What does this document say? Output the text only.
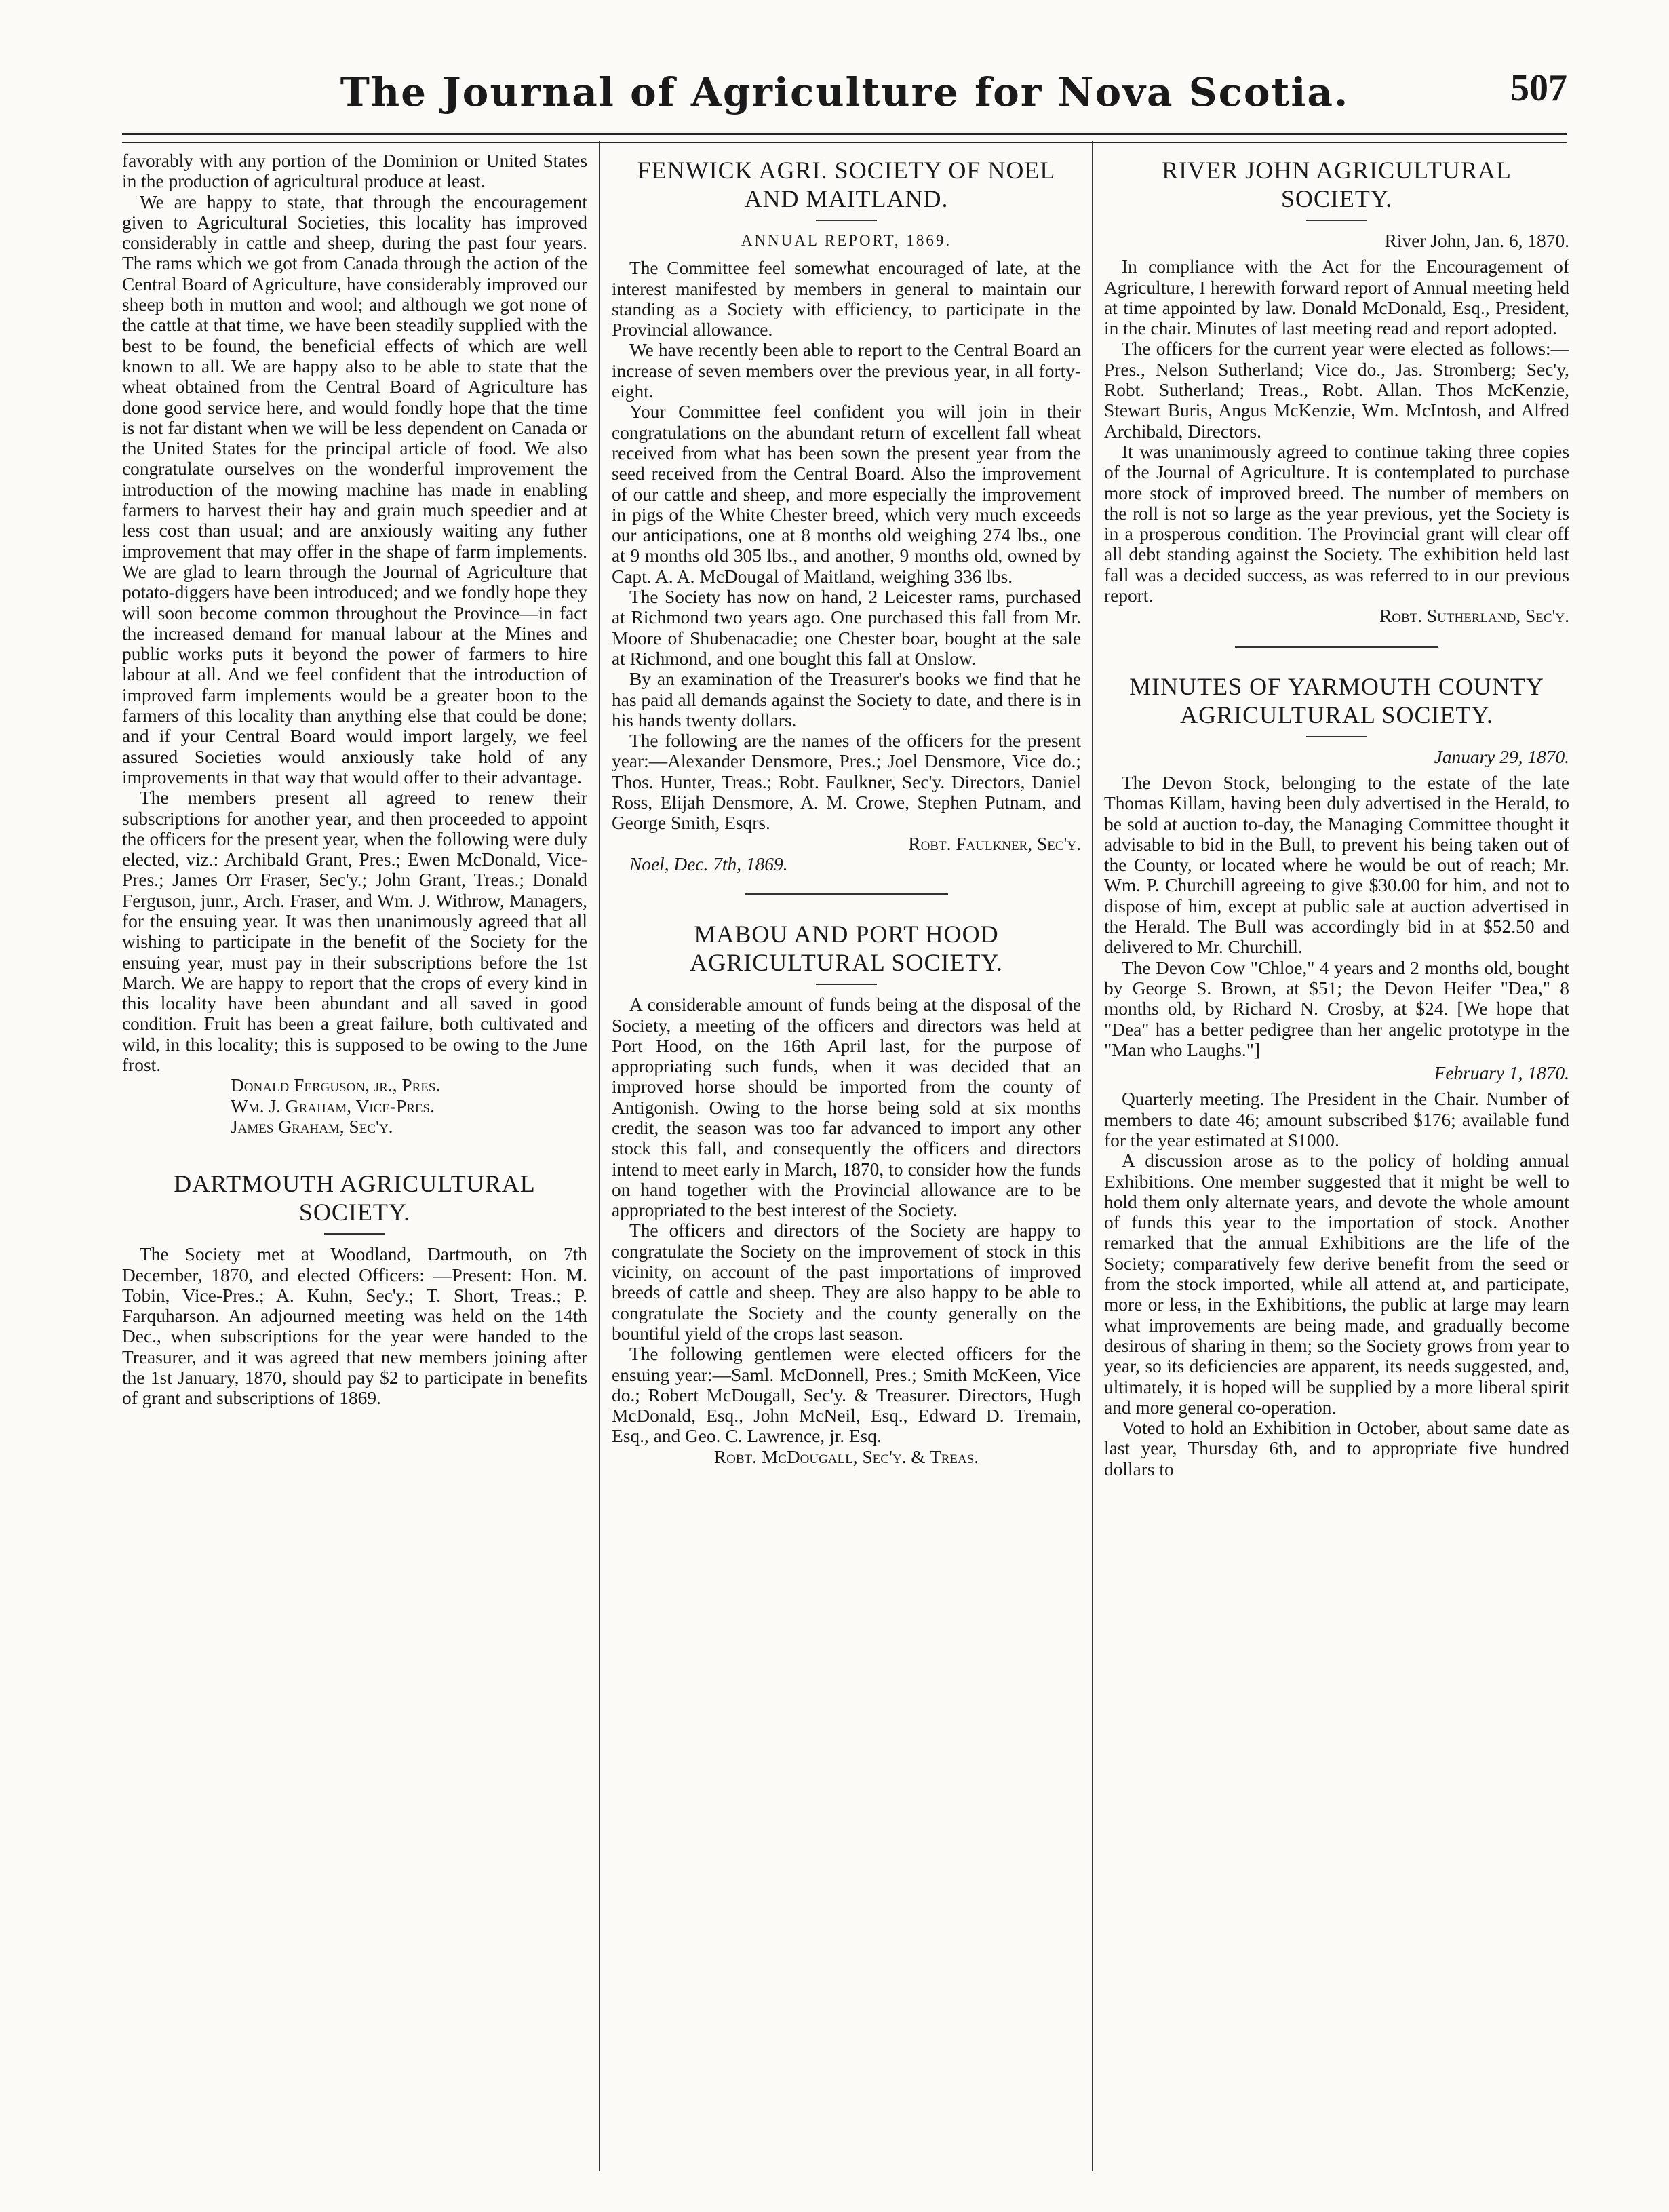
The Journal of Agriculture for Nova Scotia.	507

favorably with any portion of the Dominion or United States in the production of agricultural produce at least.

We are happy to state, that through the encouragement given to Agricultural Societies, this locality has improved considerably in cattle and sheep, during the past four years. The rams which we got from Canada through the action of the Central Board of Agriculture, have considerably improved our sheep both in mutton and wool; and although we got none of the cattle at that time, we have been steadily supplied with the best to be found, the beneficial effects of which are well known to all. We are happy also to be able to state that the wheat obtained from the Central Board of Agriculture has done good service here, and would fondly hope that the time is not far distant when we will be less dependent on Canada or the United States for the principal article of food. We also congratulate ourselves on the wonderful improvement the introduction of the mowing machine has made in enabling farmers to harvest their hay and grain much speedier and at less cost than usual; and are anxiously waiting any futher improvement that may offer in the shape of farm implements. We are glad to learn through the Journal of Agriculture that potato-diggers have been introduced; and we fondly hope they will soon become common throughout the Province—in fact the increased demand for manual labour at the Mines and public works puts it beyond the power of farmers to hire labour at all. And we feel confident that the introduction of improved farm implements would be a greater boon to the farmers of this locality than anything else that could be done; and if your Central Board would import largely, we feel assured Societies would anxiously take hold of any improvements in that way that would offer to their advantage.

The members present all agreed to renew their subscriptions for another year, and then proceeded to appoint the officers for the present year, when the following were duly elected, viz.: Archibald Grant, Pres.; Ewen McDonald, Vice-Pres.; James Orr Fraser, Sec'y.; John Grant, Treas.; Donald Ferguson, junr., Arch. Fraser, and Wm. J. Withrow, Managers, for the ensuing year. It was then unanimously agreed that all wishing to participate in the benefit of the Society for the ensuing year, must pay in their subscriptions before the 1st March. We are happy to report that the crops of every kind in this locality have been abundant and all saved in good condition. Fruit has been a great failure, both cultivated and wild, in this locality; this is supposed to be owing to the June frost.

Donald Ferguson, jr., Pres.

Wm. J. Graham, Vice-Pres.

James Graham, Sec'y.

DARTMOUTH AGRICULTURAL SOCIETY.

The Society met at Woodland, Dartmouth, on 7th December, 1870, and elected Officers: —Present: Hon. M. Tobin, Vice-Pres.; A. Kuhn, Sec'y.; T. Short, Treas.; P. Farquharson. An adjourned meeting was held on the 14th Dec., when subscriptions for the year were handed to the Treasurer, and it was agreed that new members joining after the 1st January, 1870, should pay $2 to participate in benefits of grant and subscriptions of 1869.

FENWICK AGRI. SOCIETY OF NOEL AND MAITLAND.
ANNUAL REPORT, 1869.

The Committee feel somewhat encouraged of late, at the interest manifested by members in general to maintain our standing as a Society with efficiency, to participate in the Provincial allowance.

We have recently been able to report to the Central Board an increase of seven members over the previous year, in all forty-eight.

Your Committee feel confident you will join in their congratulations on the abundant return of excellent fall wheat received from what has been sown the present year from the seed received from the Central Board. Also the improvement of our cattle and sheep, and more especially the improvement in pigs of the White Chester breed, which very much exceeds our anticipations, one at 8 months old weighing 274 lbs., one at 9 months old 305 lbs., and another, 9 months old, owned by Capt. A. A. McDougal of Maitland, weighing 336 lbs.

The Society has now on hand, 2 Leicester rams, purchased at Richmond two years ago. One purchased this fall from Mr. Moore of Shubenacadie; one Chester boar, bought at the sale at Richmond, and one bought this fall at Onslow.

By an examination of the Treasurer's books we find that he has paid all demands against the Society to date, and there is in his hands twenty dollars.

The following are the names of the officers for the present year:—Alexander Densmore, Pres.; Joel Densmore, Vice do.; Thos. Hunter, Treas.; Robt. Faulkner, Sec'y. Directors, Daniel Ross, Elijah Densmore, A. M. Crowe, Stephen Putnam, and George Smith, Esqrs.

Robt. Faulkner, Sec'y.

Noel, Dec. 7th, 1869.

MABOU AND PORT HOOD AGRICULTURAL SOCIETY.

A considerable amount of funds being at the disposal of the Society, a meeting of the officers and directors was held at Port Hood, on the 16th April last, for the purpose of appropriating such funds, when it was decided that an improved horse should be imported from the county of Antigonish. Owing to the horse being sold at six months credit, the season was too far advanced to import any other stock this fall, and consequently the officers and directors intend to meet early in March, 1870, to consider how the funds on hand together with the Provincial allowance are to be appropriated to the best interest of the Society.

The officers and directors of the Society are happy to congratulate the Society on the improvement of stock in this vicinity, on account of the past importations of improved breeds of cattle and sheep. They are also happy to be able to congratulate the Society and the county generally on the bountiful yield of the crops last season.

The following gentlemen were elected officers for the ensuing year:—Saml. McDonnell, Pres.; Smith McKeen, Vice do.; Robert McDougall, Sec'y. & Treasurer. Directors, Hugh McDonald, Esq., John McNeil, Esq., Edward D. Tremain, Esq., and Geo. C. Lawrence, jr. Esq.

Robt. McDougall, Sec'y. & Treas.

RIVER JOHN AGRICULTURAL SOCIETY.

River John, Jan. 6, 1870.

In compliance with the Act for the Encouragement of Agriculture, I herewith forward report of Annual meeting held at time appointed by law. Donald McDonald, Esq., President, in the chair. Minutes of last meeting read and report adopted.

The officers for the current year were elected as follows:—Pres., Nelson Sutherland; Vice do., Jas. Stromberg; Sec'y, Robt. Sutherland; Treas., Robt. Allan. Thos McKenzie, Stewart Buris, Angus McKenzie, Wm. McIntosh, and Alfred Archibald, Directors.

It was unanimously agreed to continue taking three copies of the Journal of Agriculture. It is contemplated to purchase more stock of improved breed. The number of members on the roll is not so large as the year previous, yet the Society is in a prosperous condition. The Provincial grant will clear off all debt standing against the Society. The exhibition held last fall was a decided success, as was referred to in our previous report.

Robt. Sutherland, Sec'y.

MINUTES OF YARMOUTH COUNTY AGRICULTURAL SOCIETY.

January 29, 1870.

The Devon Stock, belonging to the estate of the late Thomas Killam, having been duly advertised in the Herald, to be sold at auction to-day, the Managing Committee thought it advisable to bid in the Bull, to prevent his being taken out of the County, or located where he would be out of reach; Mr. Wm. P. Churchill agreeing to give $30.00 for him, and not to dispose of him, except at public sale at auction advertised in the Herald. The Bull was accordingly bid in at $52.50 and delivered to Mr. Churchill.

The Devon Cow "Chloe," 4 years and 2 months old, bought by George S. Brown, at $51; the Devon Heifer "Dea," 8 months old, by Richard N. Crosby, at $24. [We hope that "Dea" has a better pedigree than her angelic prototype in the "Man who Laughs."]

February 1, 1870.

Quarterly meeting. The President in the Chair. Number of members to date 46; amount subscribed $176; available fund for the year estimated at $1000.

A discussion arose as to the policy of holding annual Exhibitions. One member suggested that it might be well to hold them only alternate years, and devote the whole amount of funds this year to the importation of stock. Another remarked that the annual Exhibitions are the life of the Society; comparatively few derive benefit from the seed or from the stock imported, while all attend at, and participate, more or less, in the Exhibitions, the public at large may learn what improvements are being made, and gradually become desirous of sharing in them; so the Society grows from year to year, so its deficiencies are apparent, its needs suggested, and, ultimately, it is hoped will be supplied by a more liberal spirit and more general co-operation.

Voted to hold an Exhibition in October, about same date as last year, Thursday 6th, and to appropriate five hundred dollars to
